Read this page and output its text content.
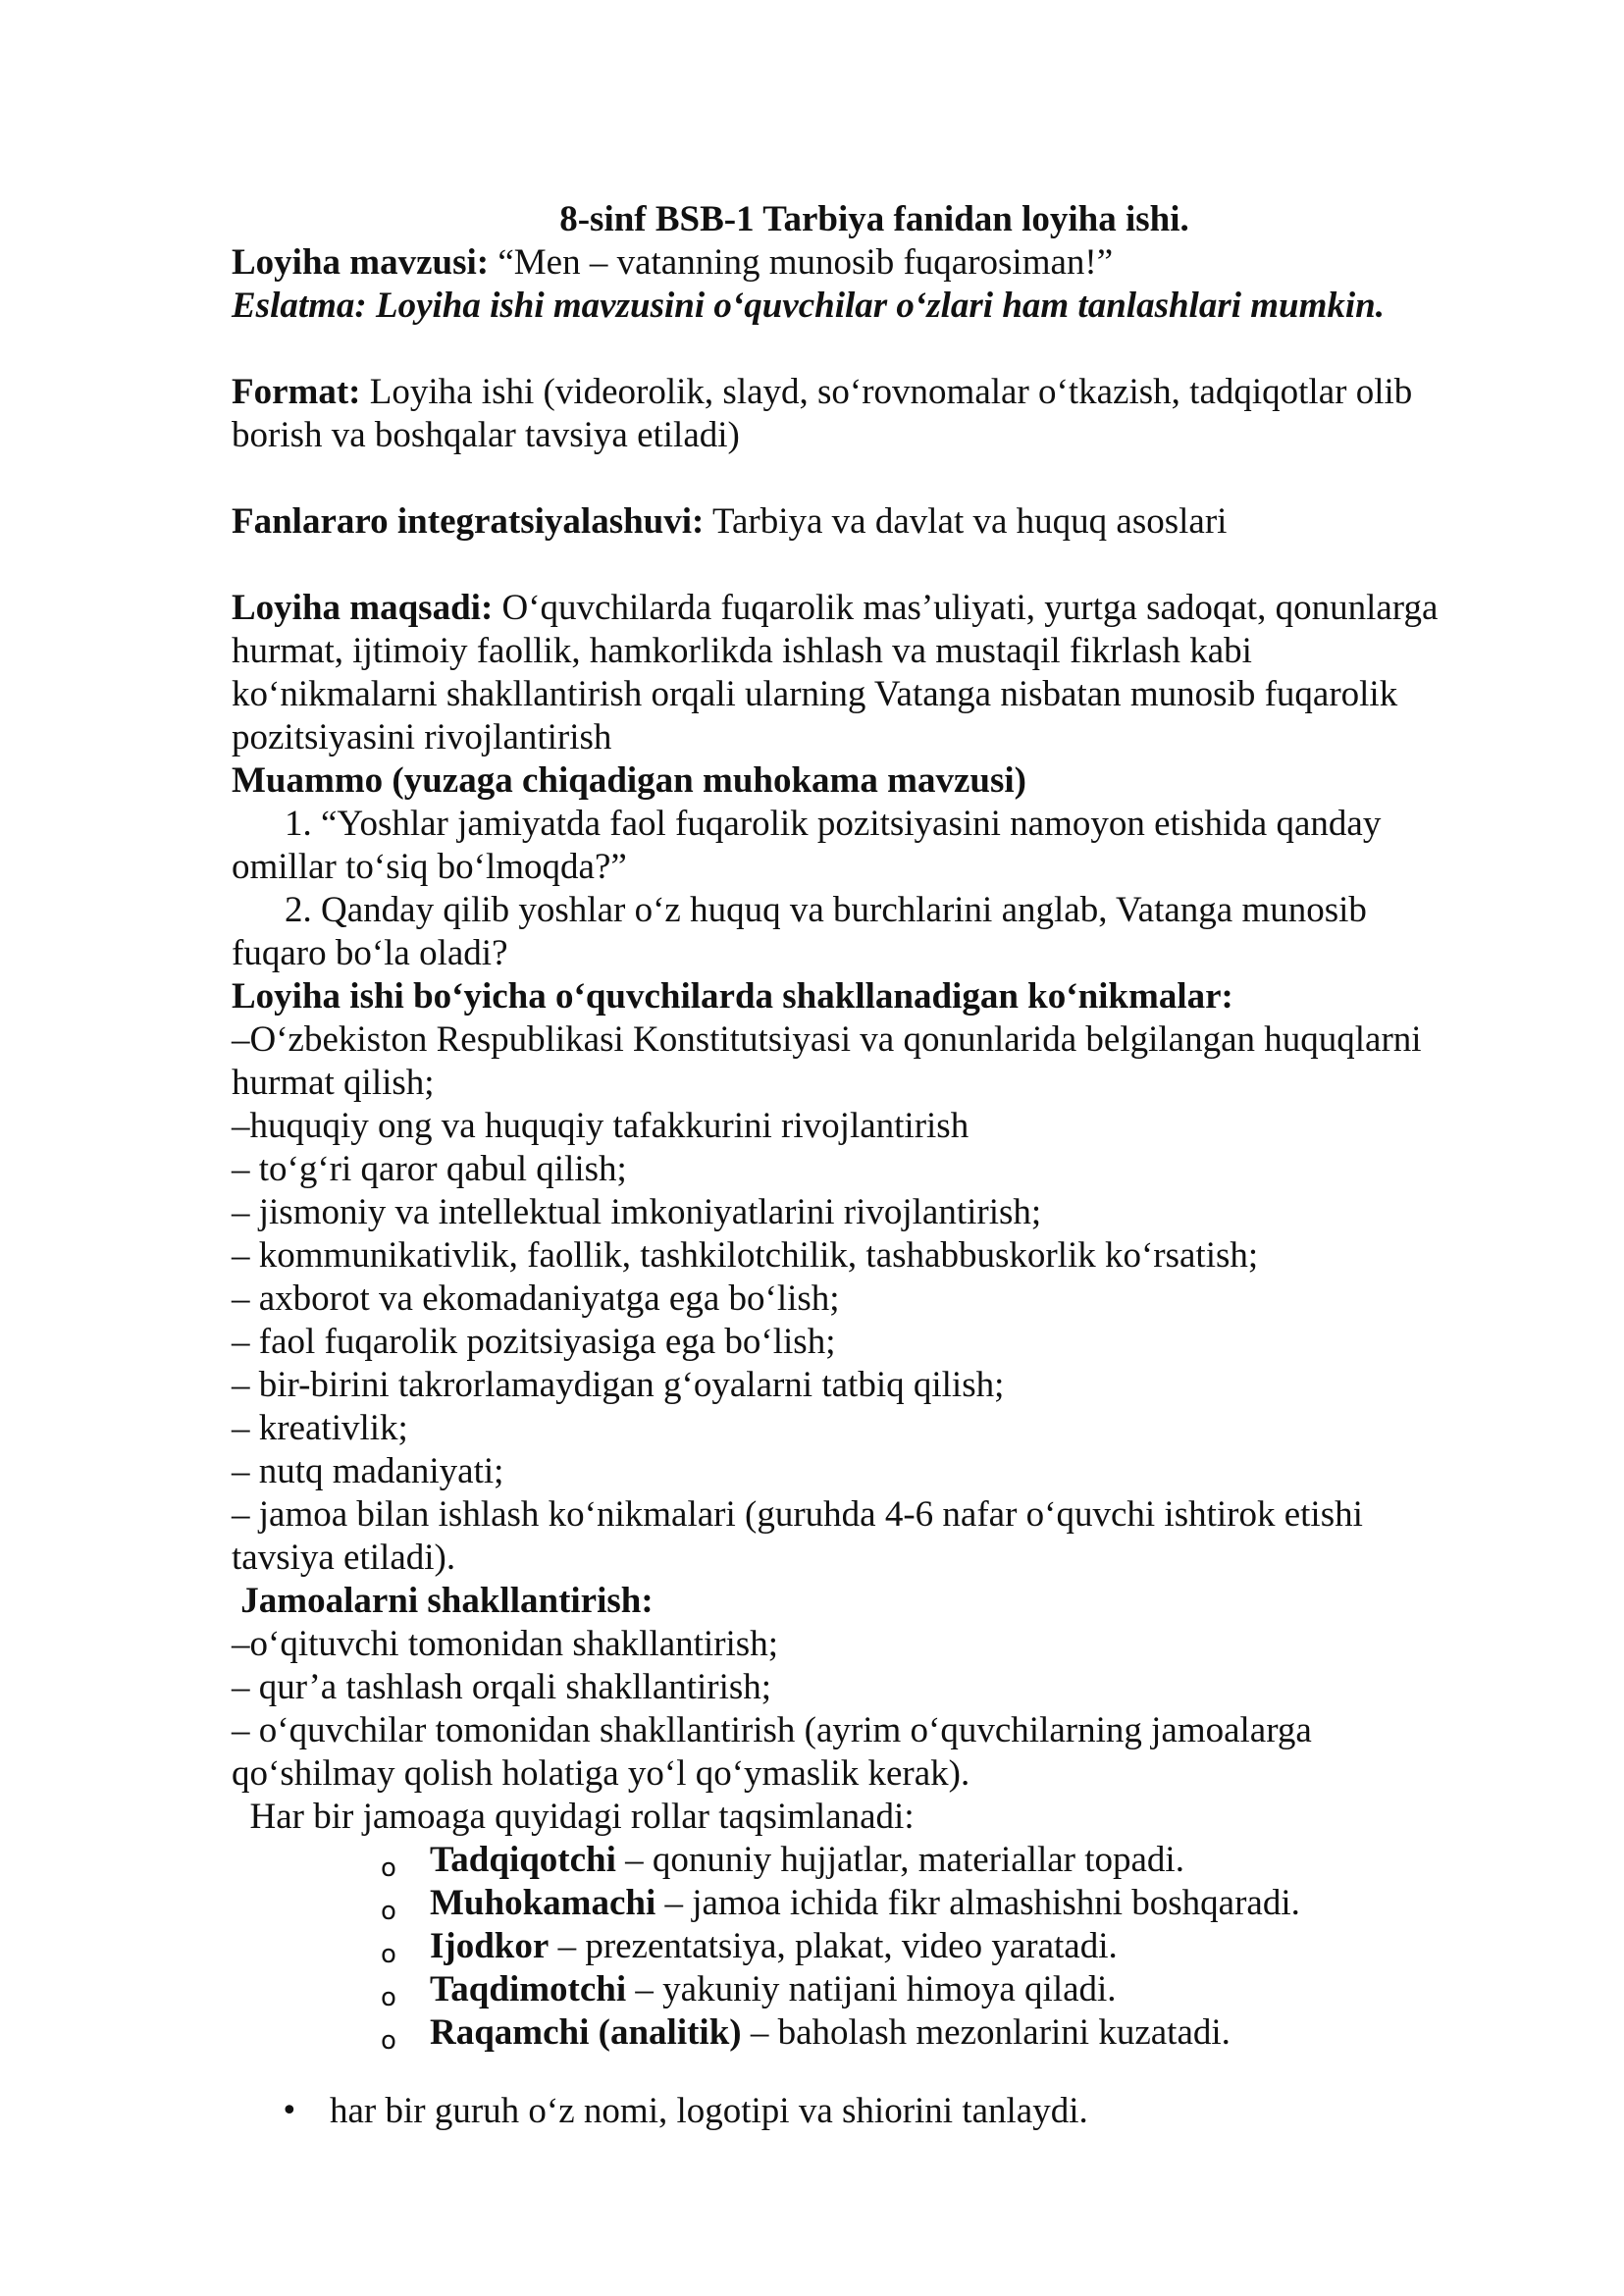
8-sinf BSB-1 Tarbiya fanidan loyiha ishi.
Loyiha mavzusi: “Men – vatanning munosib fuqarosiman!”
Eslatma: Loyiha ishi mavzusini o‘quvchilar o‘zlari ham tanlashlari mumkin.
Format: Loyiha ishi (videorolik, slayd, so‘rovnomalar o‘tkazish, tadqiqotlar olib
borish va boshqalar tavsiya etiladi)
Fanlararo integratsiyalashuvi: Tarbiya va davlat va huquq asoslari
Loyiha maqsadi: O‘quvchilarda fuqarolik mas’uliyati, yurtga sadoqat, qonunlarga
hurmat, ijtimoiy faollik, hamkorlikda ishlash va mustaqil fikrlash kabi
ko‘nikmalarni shakllantirish orqali ularning Vatanga nisbatan munosib fuqarolik
pozitsiyasini rivojlantirish
Muammo (yuzaga chiqadigan muhokama mavzusi)
1. “Yoshlar jamiyatda faol fuqarolik pozitsiyasini namoyon etishida qanday
omillar to‘siq bo‘lmoqda?”
2. Qanday qilib yoshlar o‘z huquq va burchlarini anglab, Vatanga munosib
fuqaro bo‘la oladi?
Loyiha ishi bo‘yicha o‘quvchilarda shakllanadigan ko‘nikmalar:
–O‘zbekiston Respublikasi Konstitutsiyasi va qonunlarida belgilangan huquqlarni
hurmat qilish;
–huquqiy ong va huquqiy tafakkurini rivojlantirish
– to‘g‘ri qaror qabul qilish;
– jismoniy va intellektual imkoniyatlarini rivojlantirish;
– kommunikativlik, faollik, tashkilotchilik, tashabbuskorlik ko‘rsatish;
– axborot va ekomadaniyatga ega bo‘lish;
– faol fuqarolik pozitsiyasiga ega bo‘lish;
– bir-birini takrorlamaydigan g‘oyalarni tatbiq qilish;
– kreativlik;
– nutq madaniyati;
– jamoa bilan ishlash ko‘nikmalari (guruhda 4-6 nafar o‘quvchi ishtirok etishi
tavsiya etiladi).
Jamoalarni shakllantirish:
–o‘qituvchi tomonidan shakllantirish;
– qur’a tashlash orqali shakllantirish;
– o‘quvchilar tomonidan shakllantirish (ayrim o‘quvchilarning jamoalarga
qo‘shilmay qolish holatiga yo‘l qo‘ymaslik kerak).
Har bir jamoaga quyidagi rollar taqsimlanadi:
o Tadqiqotchi – qonuniy hujjatlar, materiallar topadi.
o Muhokamachi – jamoa ichida fikr almashishni boshqaradi.
o Ijodkor – prezentatsiya, plakat, video yaratadi.
o Taqdimotchi – yakuniy natijani himoya qiladi.
o Raqamchi (analitik) – baholash mezonlarini kuzatadi.
• har bir guruh o‘z nomi, logotipi va shiorini tanlaydi.
